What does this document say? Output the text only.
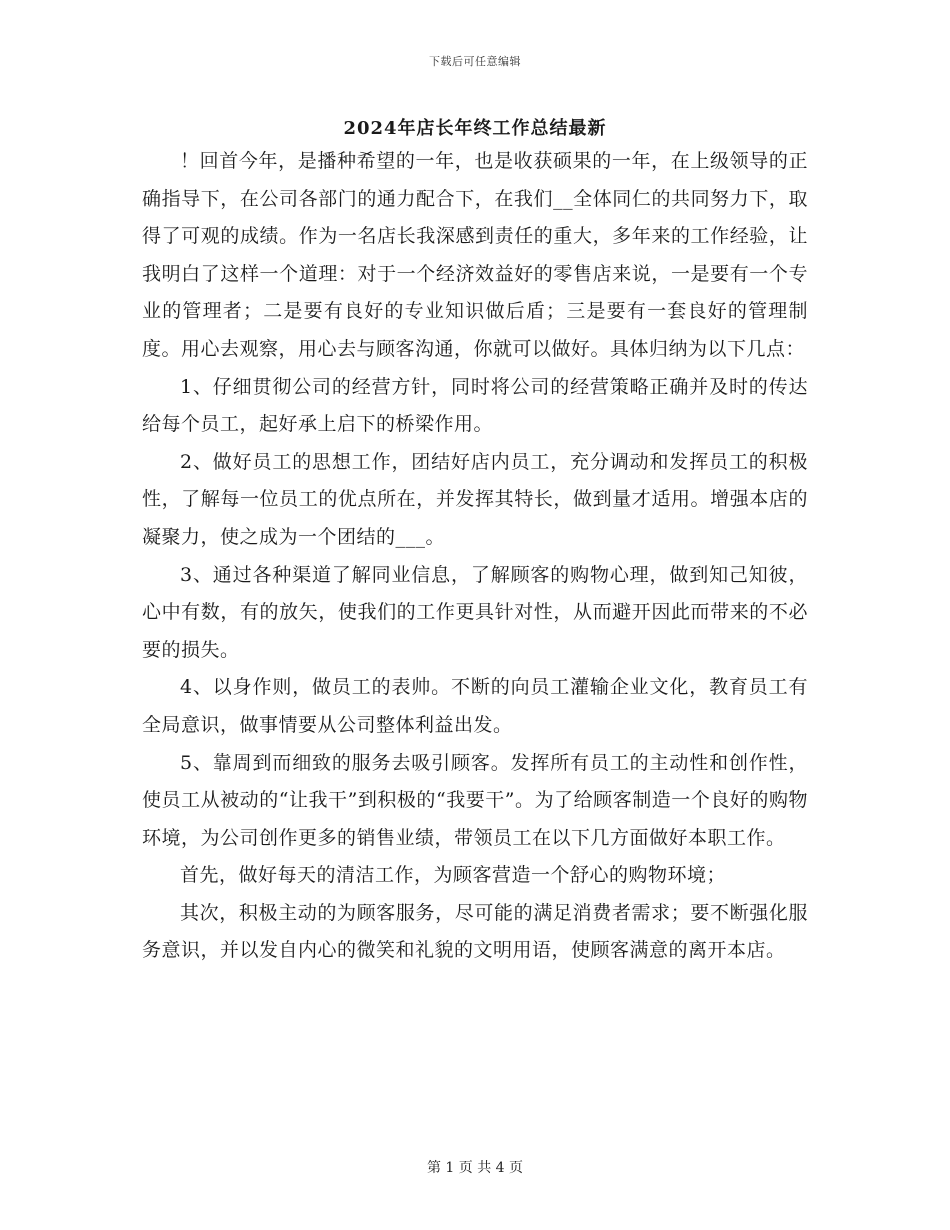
下载后可任意编辑
2024年店长年终工作总结最新

！回首今年，是播种希望的一年，也是收获硕果的一年，在上级领导的正确指导下，在公司各部门的通力配合下，在我们__全体同仁的共同努力下，取得了可观的成绩。作为一名店长我深感到责任的重大，多年来的工作经验，让我明白了这样一个道理：对于一个经济效益好的零售店来说，一是要有一个专业的管理者；二是要有良好的专业知识做后盾；三是要有一套良好的管理制度。用心去观察，用心去与顾客沟通，你就可以做好。具体归纳为以下几点：

1、仔细贯彻公司的经营方针，同时将公司的经营策略正确并及时的传达给每个员工，起好承上启下的桥梁作用。

2、做好员工的思想工作，团结好店内员工，充分调动和发挥员工的积极性，了解每一位员工的优点所在，并发挥其特长，做到量才适用。增强本店的凝聚力，使之成为一个团结的___。

3、通过各种渠道了解同业信息，了解顾客的购物心理，做到知己知彼，心中有数，有的放矢，使我们的工作更具针对性，从而避开因此而带来的不必要的损失。

4、以身作则，做员工的表帅。不断的向员工灌输企业文化，教育员工有全局意识，做事情要从公司整体利益出发。

5、靠周到而细致的服务去吸引顾客。发挥所有员工的主动性和创作性，使员工从被动的“让我干”到积极的“我要干”。为了给顾客制造一个良好的购物环境，为公司创作更多的销售业绩，带领员工在以下几方面做好本职工作。

首先，做好每天的清洁工作，为顾客营造一个舒心的购物环境；

其次，积极主动的为顾客服务，尽可能的满足消费者需求；要不断强化服务意识，并以发自内心的微笑和礼貌的文明用语，使顾客满意的离开本店。

第 1 页 共 4 页
